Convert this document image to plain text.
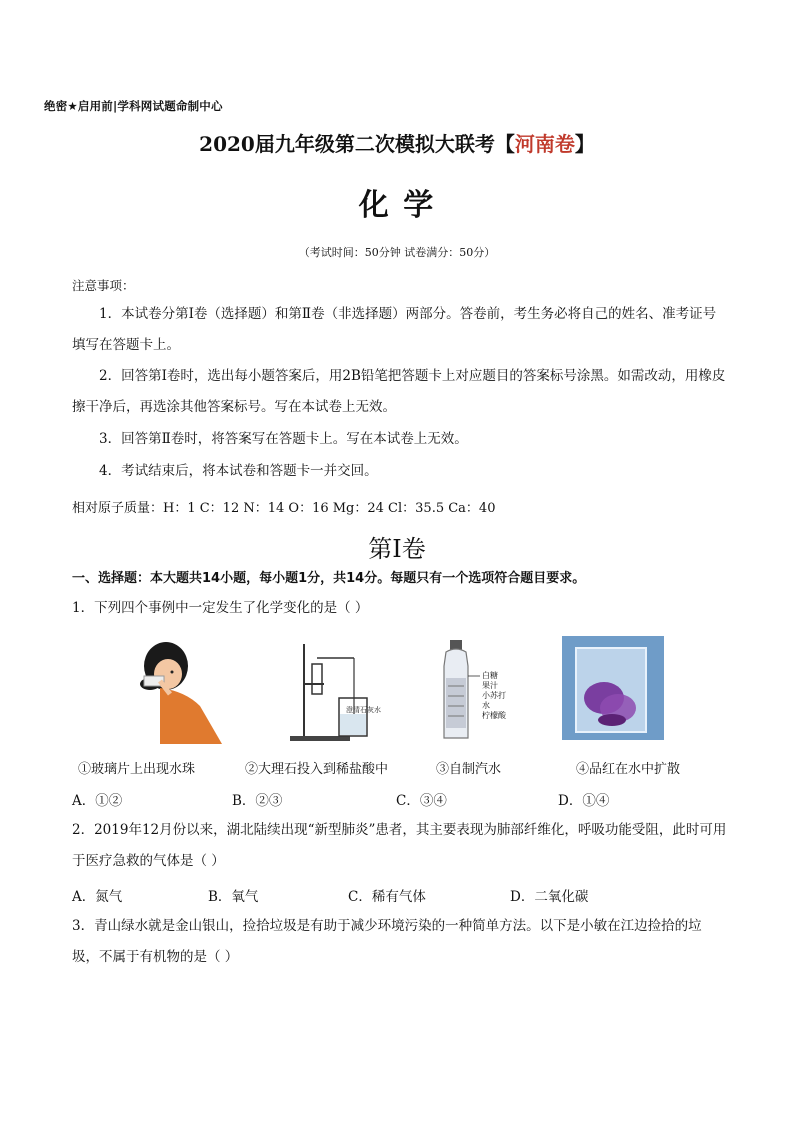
绝密★启用前|学科网试题命制中心
2020届九年级第二次模拟大联考【河南卷】
化 学
（考试时间：50分钟 试卷满分：50分）
注意事项：
1．本试卷分第Ⅰ卷（选择题）和第Ⅱ卷（非选择题）两部分。答卷前，考生务必将自己的姓名、准考证号填写在答题卡上。
2．回答第Ⅰ卷时，选出每小题答案后，用2B铅笔把答题卡上对应题目的答案标号涂黑。如需改动，用橡皮擦干净后，再选涂其他答案标号。写在本试卷上无效。
3．回答第Ⅱ卷时，将答案写在答题卡上。写在本试卷上无效。
4．考试结束后，将本试卷和答题卡一并交回。
相对原子质量：H：1 C：12 N：14 O：16 Mg：24 Cl：35.5 Ca：40
第Ⅰ卷
一、选择题：本大题共14小题，每小题1分，共14分。每题只有一个选项符合题目要求。
1．下列四个事例中一定发生了化学变化的是（ ）
澄清石灰水
白糖
果汁
小苏打
水
柠檬酸
①玻璃片上出现水珠	②大理石投入到稀盐酸中	③自制汽水	④品红在水中扩散
A．①②	B．②③	C．③④	D．①④
2．2019年12月份以来，湖北陆续出现“新型肺炎”患者，其主要表现为肺部纤维化，呼吸功能受阻，此时可用于医疗急救的气体是（ ）
A．氮气	B．氧气	C．稀有气体	D．二氧化碳
3．青山绿水就是金山银山，捡拾垃圾是有助于减少环境污染的一种简单方法。以下是小敏在江边捡拾的垃圾，不属于有机物的是（ ）
